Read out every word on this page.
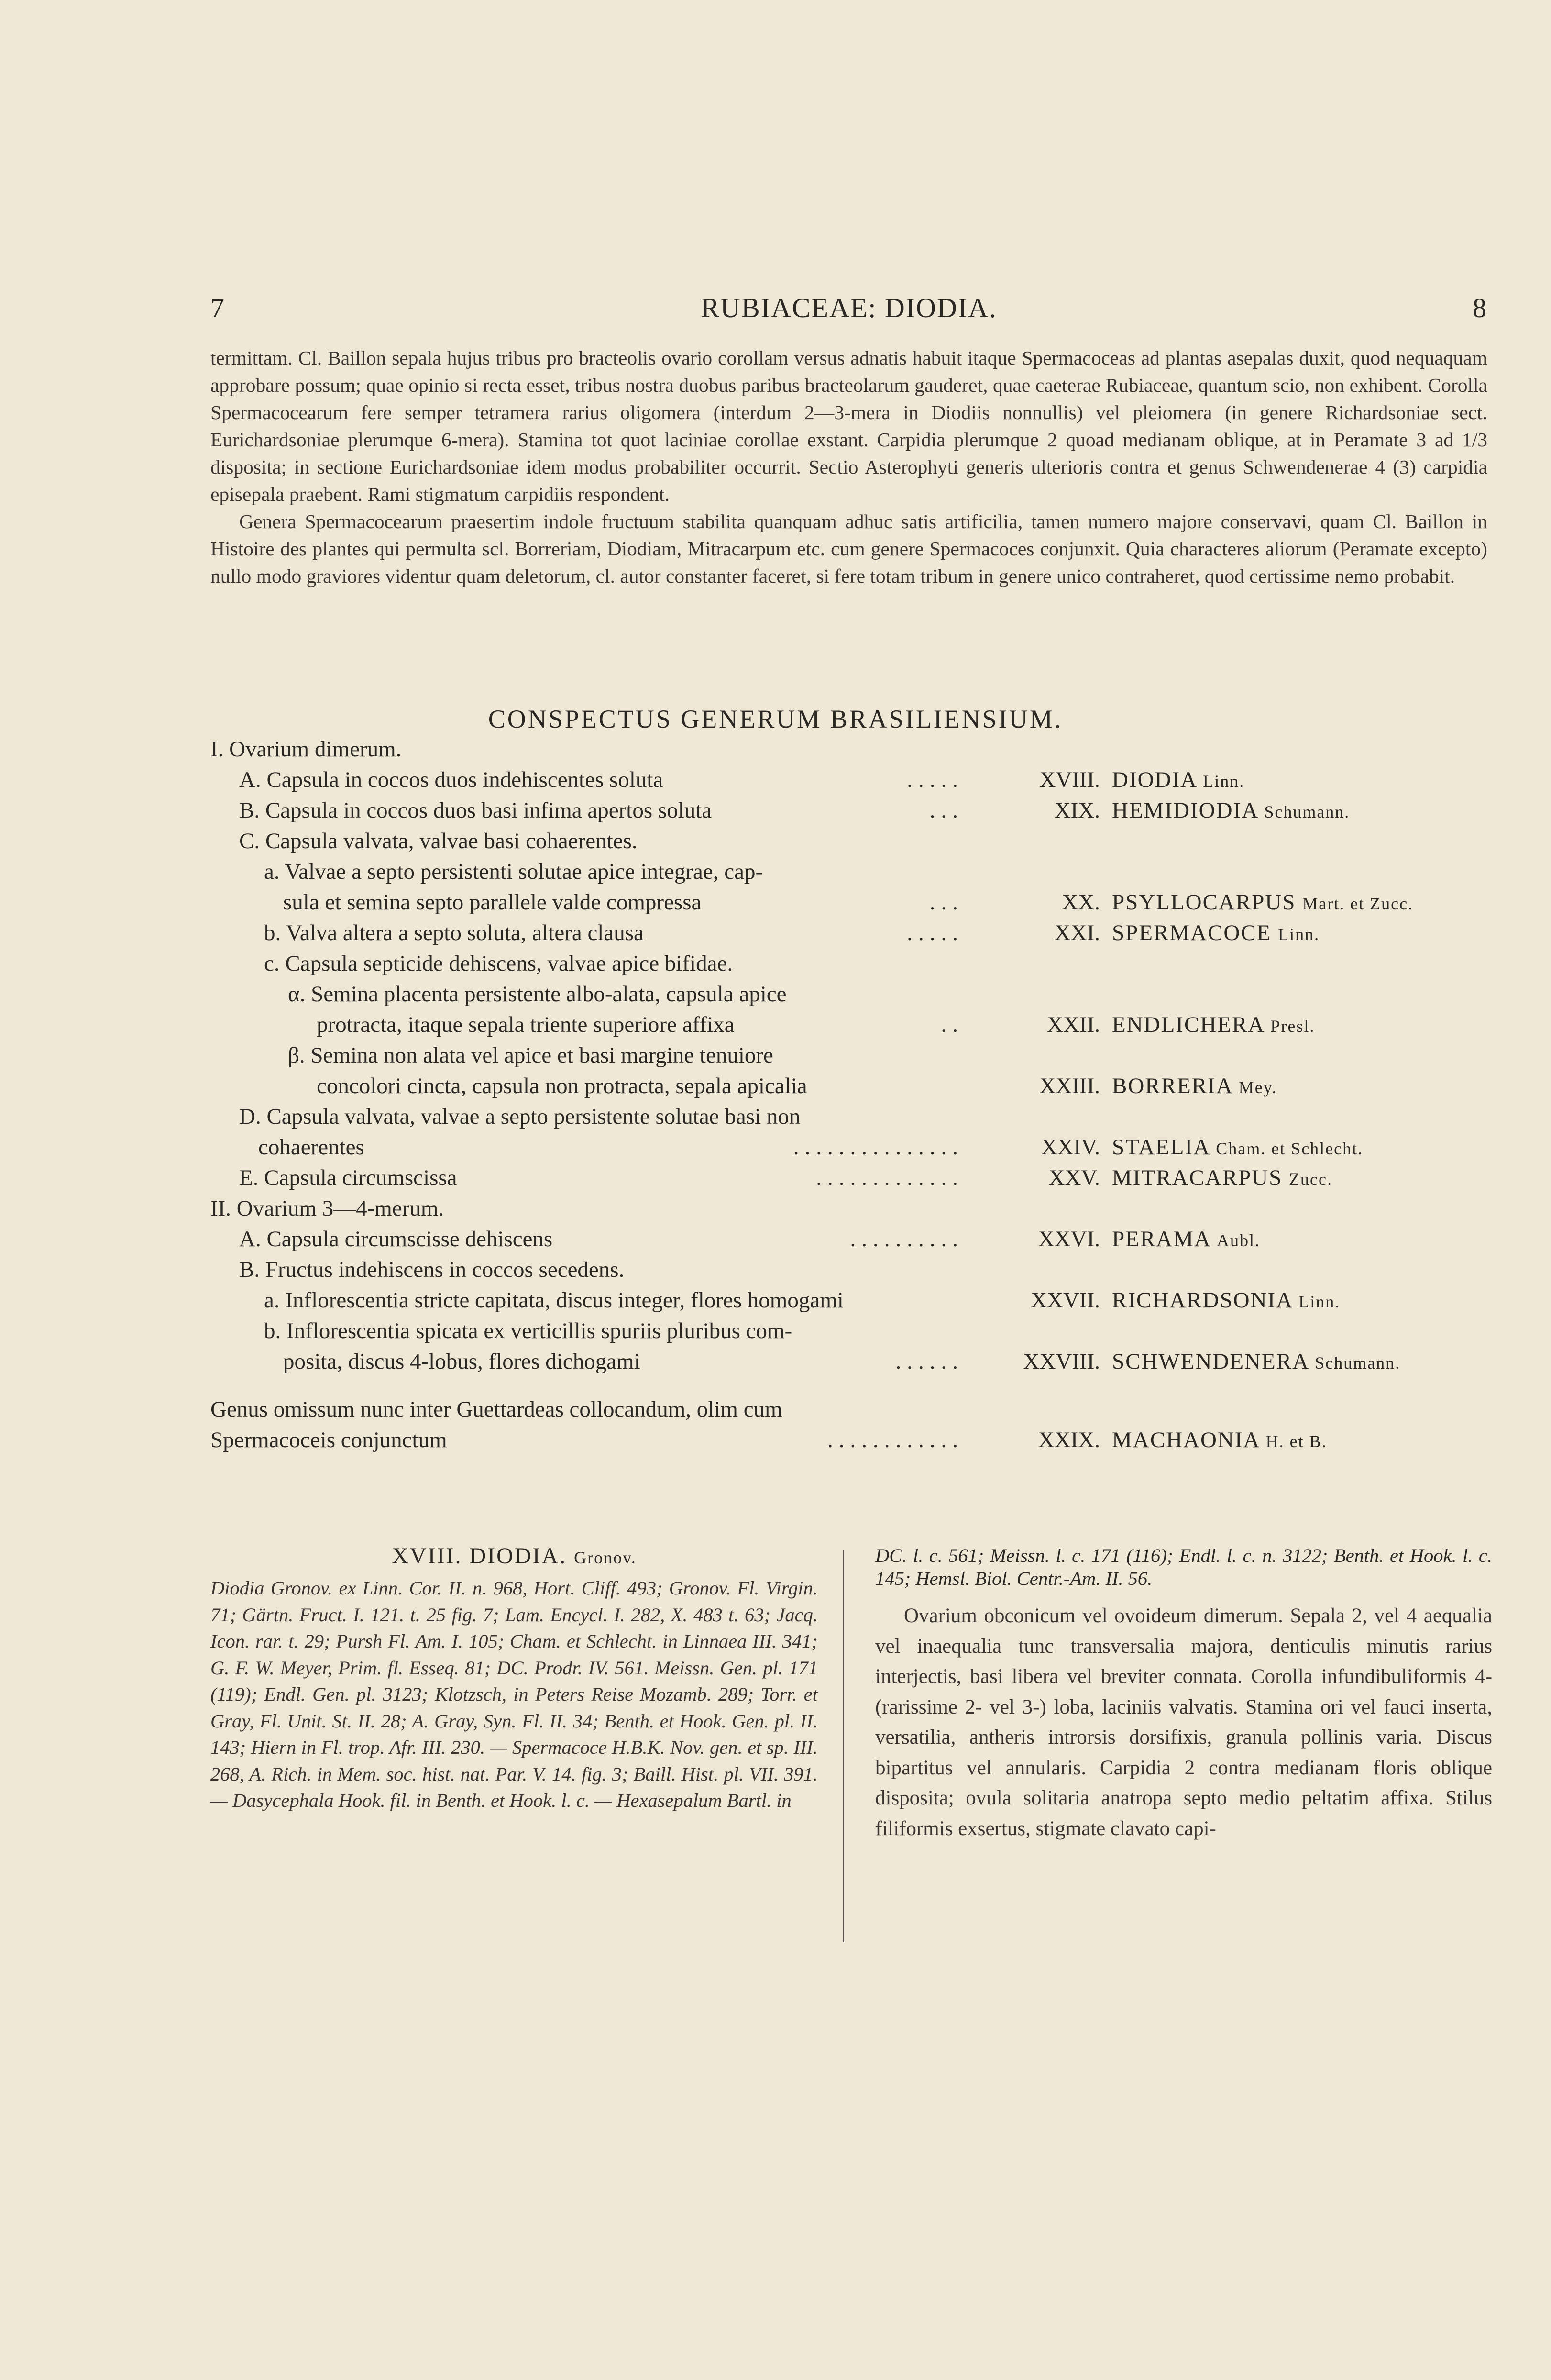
7	RUBIACEAE: DIODIA.	8

termittam. Cl. Baillon sepala hujus tribus pro bracteolis ovario corollam versus adnatis habuit itaque Spermacoceas ad plantas asepalas duxit, quod nequaquam approbare possum; quae opinio si recta esset, tribus nostra duobus paribus bracteolarum gauderet, quae caeterae Rubiaceae, quantum scio, non exhibent. Corolla Spermacocearum fere semper tetramera rarius oligomera (interdum 2—3-mera in Diodiis nonnullis) vel pleiomera (in genere Richardsoniae sect. Eurichardsoniae plerumque 6-mera). Stamina tot quot laciniae corollae exstant. Carpidia plerumque 2 quoad medianam oblique, at in Peramate 3 ad 1/3 disposita; in sectione Eurichardsoniae idem modus probabiliter occurrit. Sectio Asterophyti generis ulterioris contra et genus Schwendenerae 4 (3) carpidia episepala praebent. Rami stigmatum carpidiis respondent.

Genera Spermacocearum praesertim indole fructuum stabilita quanquam adhuc satis artificilia, tamen numero majore conservavi, quam Cl. Baillon in Histoire des plantes qui permulta scl. Borreriam, Diodiam, Mitracarpum etc. cum genere Spermacoces conjunxit. Quia characteres aliorum (Peramate excepto) nullo modo graviores videntur quam deletorum, cl. autor constanter faceret, si fere totam tribum in genere unico contraheret, quod certissime nemo probabit.

CONSPECTUS GENERUM BRASILIENSIUM.
I. Ovarium dimerum.
A. Capsula in coccos duos indehiscentes soluta	.....	XVIII. DIODIA Linn.
B. Capsula in coccos duos basi infima apertos soluta	...	XIX. HEMIDIODIA Schumann.
C. Capsula valvata, valvae basi cohaerentes.
a. Valvae a septo persistenti solutae apice integrae, cap-
sula et semina septo parallele valde compressa	...	XX. PSYLLOCARPUS Mart. et Zucc.
b. Valva altera a septo soluta, altera clausa	.....	XXI. SPERMACOCE Linn.
c. Capsula septicide dehiscens, valvae apice bifidae.
α. Semina placenta persistente albo-alata, capsula apice
protracta, itaque sepala triente superiore affixa	..	XXII. ENDLICHERA Presl.
β. Semina non alata vel apice et basi margine tenuiore
concolori cincta, capsula non protracta, sepala apicalia	XXIII. BORRERIA Mey.
D. Capsula valvata, valvae a septo persistente solutae basi non
cohaerentes	...............	XXIV. STAELIA Cham. et Schlecht.
E. Capsula circumscissa	.............	XXV. MITRACARPUS Zucc.
II. Ovarium 3—4-merum.
A. Capsula circumscisse dehiscens	..........	XXVI. PERAMA Aubl.
B. Fructus indehiscens in coccos secedens.
a. Inflorescentia stricte capitata, discus integer, flores homogami	XXVII. RICHARDSONIA Linn.
b. Inflorescentia spicata ex verticillis spuriis pluribus com-
posita, discus 4-lobus, flores dichogami	......	XXVIII. SCHWENDENERA Schumann.
Genus omissum nunc inter Guettardeas collocandum, olim cum
Spermacoceis conjunctum	............	XXIX. MACHAONIA H. et B.
XVIII. DIODIA. Gronov.
Diodia Gronov. ex Linn. Cor. II. n. 968, Hort. Cliff. 493; Gronov. Fl. Virgin. 71; Gärtn. Fruct. I. 121. t. 25 fig. 7; Lam. Encycl. I. 282, X. 483 t. 63; Jacq. Icon. rar. t. 29; Pursh Fl. Am. I. 105; Cham. et Schlecht. in Linnaea III. 341; G. F. W. Meyer, Prim. fl. Esseq. 81; DC. Prodr. IV. 561. Meissn. Gen. pl. 171 (119); Endl. Gen. pl. 3123; Klotzsch, in Peters Reise Mozamb. 289; Torr. et Gray, Fl. Unit. St. II. 28; A. Gray, Syn. Fl. II. 34; Benth. et Hook. Gen. pl. II. 143; Hiern in Fl. trop. Afr. III. 230. — Spermacoce H.B.K. Nov. gen. et sp. III. 268, A. Rich. in Mem. soc. hist. nat. Par. V. 14. fig. 3; Baill. Hist. pl. VII. 391. — Dasycephala Hook. fil. in Benth. et Hook. l. c. — Hexasepalum Bartl. in
DC. l. c. 561; Meissn. l. c. 171 (116); Endl. l. c. n. 3122; Benth. et Hook. l. c. 145; Hemsl. Biol. Centr.-Am. II. 56.
Ovarium obconicum vel ovoideum dimerum. Sepala 2, vel 4 aequalia vel inaequalia tunc transversalia majora, denticulis minutis rarius interjectis, basi libera vel breviter connata. Corolla infundibuliformis 4- (rarissime 2- vel 3-) loba, laciniis valvatis. Stamina ori vel fauci inserta, versatilia, antheris introrsis dorsifixis, granula pollinis varia. Discus bipartitus vel annularis. Carpidia 2 contra medianam floris oblique disposita; ovula solitaria anatropa septo medio peltatim affixa. Stilus filiformis exsertus, stigmate clavato capi-
